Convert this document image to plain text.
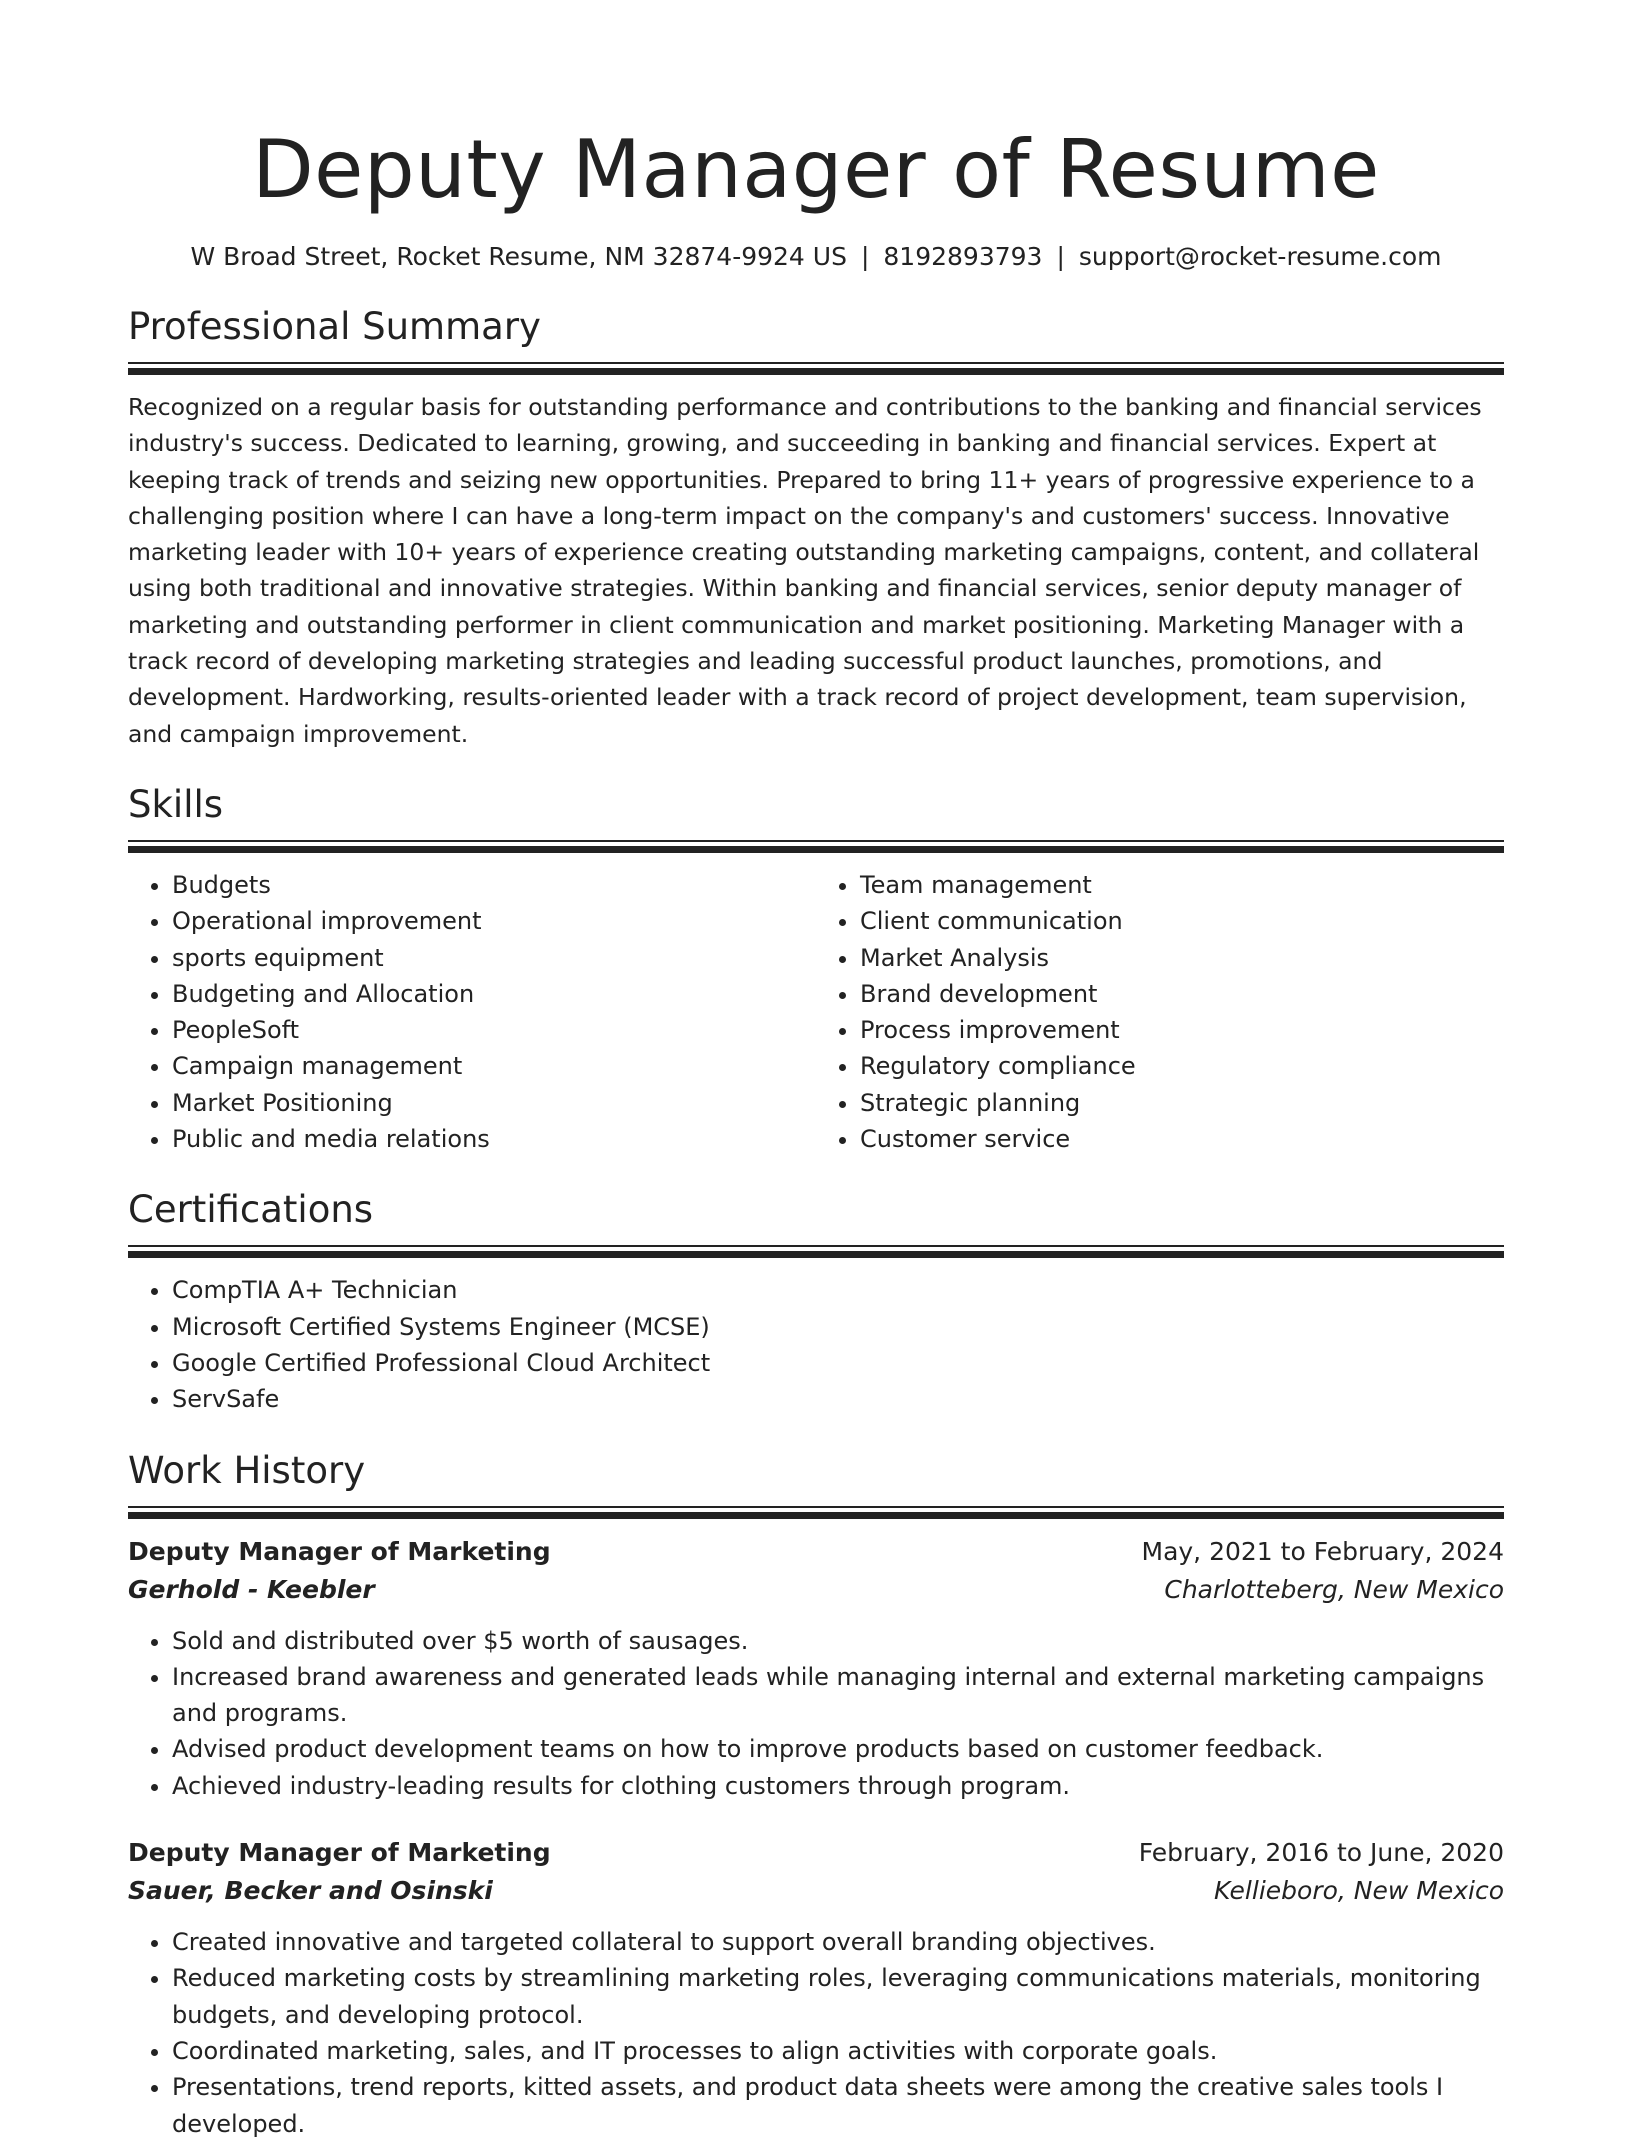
Deputy Manager of Resume
W Broad Street, Rocket Resume, NM 32874-9924 US | 8192893793 | support@rocket-resume.com
Professional Summary

Recognized on a regular basis for outstanding performance and contributions to the banking and financial services industry's success. Dedicated to learning, growing, and succeeding in banking and financial services. Expert at keeping track of trends and seizing new opportunities. Prepared to bring 11+ years of progressive experience to a challenging position where I can have a long-term impact on the company's and customers' success. Innovative marketing leader with 10+ years of experience creating outstanding marketing campaigns, content, and collateral using both traditional and innovative strategies. Within banking and financial services, senior deputy manager of marketing and outstanding performer in client communication and market positioning. Marketing Manager with a track record of developing marketing strategies and leading successful product launches, promotions, and development. Hardworking, results-oriented leader with a track record of project development, team supervision, and campaign improvement.

Skills
• Budgets
• Operational improvement
• sports equipment
• Budgeting and Allocation
• PeopleSoft
• Campaign management
• Market Positioning
• Public and media relations
• Team management
• Client communication
• Market Analysis
• Brand development
• Process improvement
• Regulatory compliance
• Strategic planning
• Customer service
Certifications
• CompTIA A+ Technician
• Microsoft Certified Systems Engineer (MCSE)
• Google Certified Professional Cloud Architect
• ServSafe
Work History
Deputy Manager of Marketing	May, 2021 to February, 2024
Gerhold - Keebler	Charlotteberg, New Mexico
• Sold and distributed over $5 worth of sausages.
• Increased brand awareness and generated leads while managing internal and external marketing campaigns and programs.
• Advised product development teams on how to improve products based on customer feedback.
• Achieved industry-leading results for clothing customers through program.
Deputy Manager of Marketing	February, 2016 to June, 2020
Sauer, Becker and Osinski	Kellieboro, New Mexico
• Created innovative and targeted collateral to support overall branding objectives.
• Reduced marketing costs by streamlining marketing roles, leveraging communications materials, monitoring budgets, and developing protocol.
• Coordinated marketing, sales, and IT processes to align activities with corporate goals.
• Presentations, trend reports, kitted assets, and product data sheets were among the creative sales tools I developed.
